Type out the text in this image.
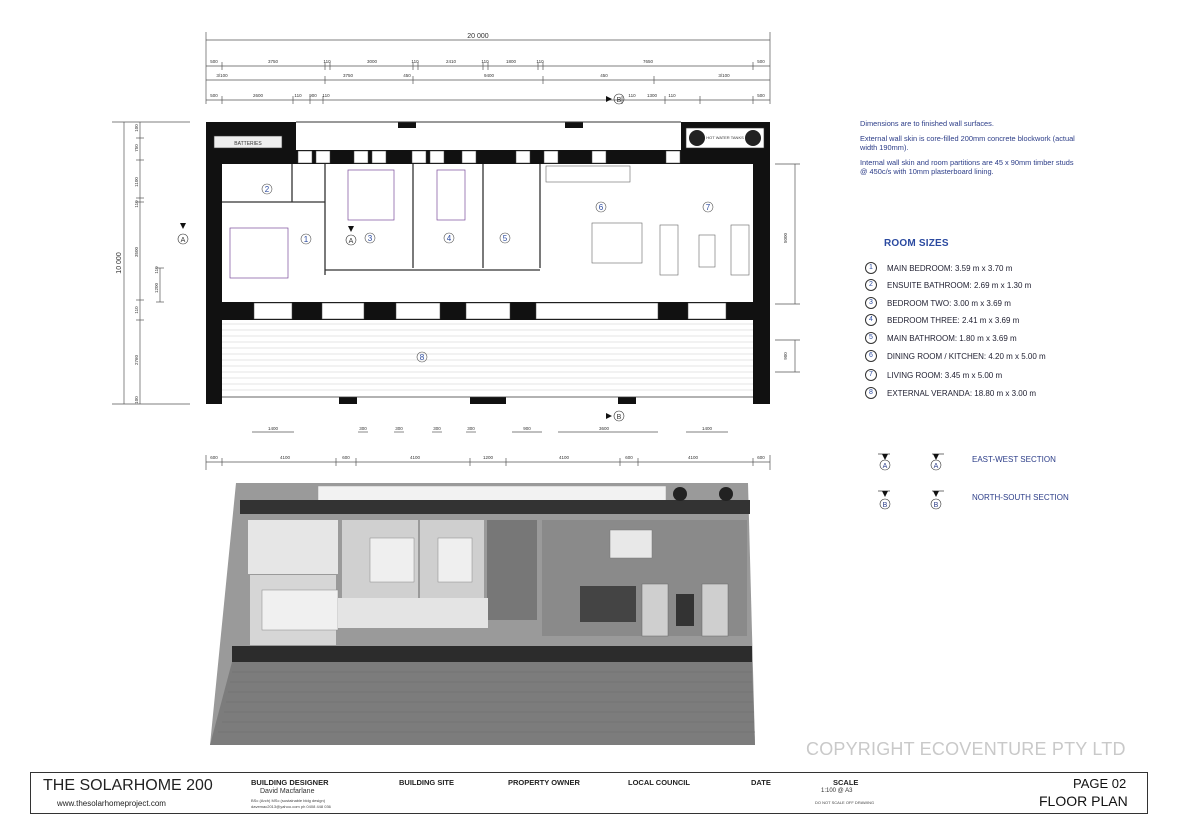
20 000
500	3750	110	3000	110	2410	110	1800	110	7650	500
3/100	3750	450	9400	450	3/100
500	2600	110 900 110	110	1300	110	500
10 000
100
750
1100
110
3500
110
1200
110
100
2760
5000
900
BATTERIES
HOT WATER TANKS
1
2
3	4	5
6	7
8
A	A
B
B
1400	300	300	300	300	900	3600	1400
600	4100	600	4100	1200	4100	600	4100	600
Dimensions are to finished wall surfaces.
External wall skin is core-filled 200mm concrete blockwork (actual width 190mm).
Internal wall skin and room partitions are 45 x 90mm timber studs @ 450c/s with 10mm plasterboard lining.
ROOM SIZES
1	MAIN BEDROOM: 3.59 m x 3.70 m
2	ENSUITE BATHROOM: 2.69 m x 1.30 m
3	BEDROOM TWO: 3.00 m x 3.69 m
4	BEDROOM THREE: 2.41 m x 3.69 m
5	MAIN BATHROOM: 1.80 m x 3.69 m
6	DINING ROOM / KITCHEN: 4.20 m x 5.00 m
7	LIVING ROOM: 3.45 m x 5.00 m
8	EXTERNAL VERANDA: 18.80 m x 3.00 m
A	A
B	B
EAST-WEST SECTION
NORTH-SOUTH SECTION
COPYRIGHT ECOVENTURE PTY LTD
THE SOLARHOME 200
www.thesolarhomeproject.com
BUILDING DESIGNER
David Macfarlane
BSc (Arch) MSc (sustainable bldg design)
davemac2013@yahoo.com ph 0408 448 036
BUILDING SITE	PROPERTY OWNER	LOCAL COUNCIL	DATE	SCALE
1:100 @ A3
DO NOT SCALE OFF DRAWING
PAGE 02
FLOOR PLAN
